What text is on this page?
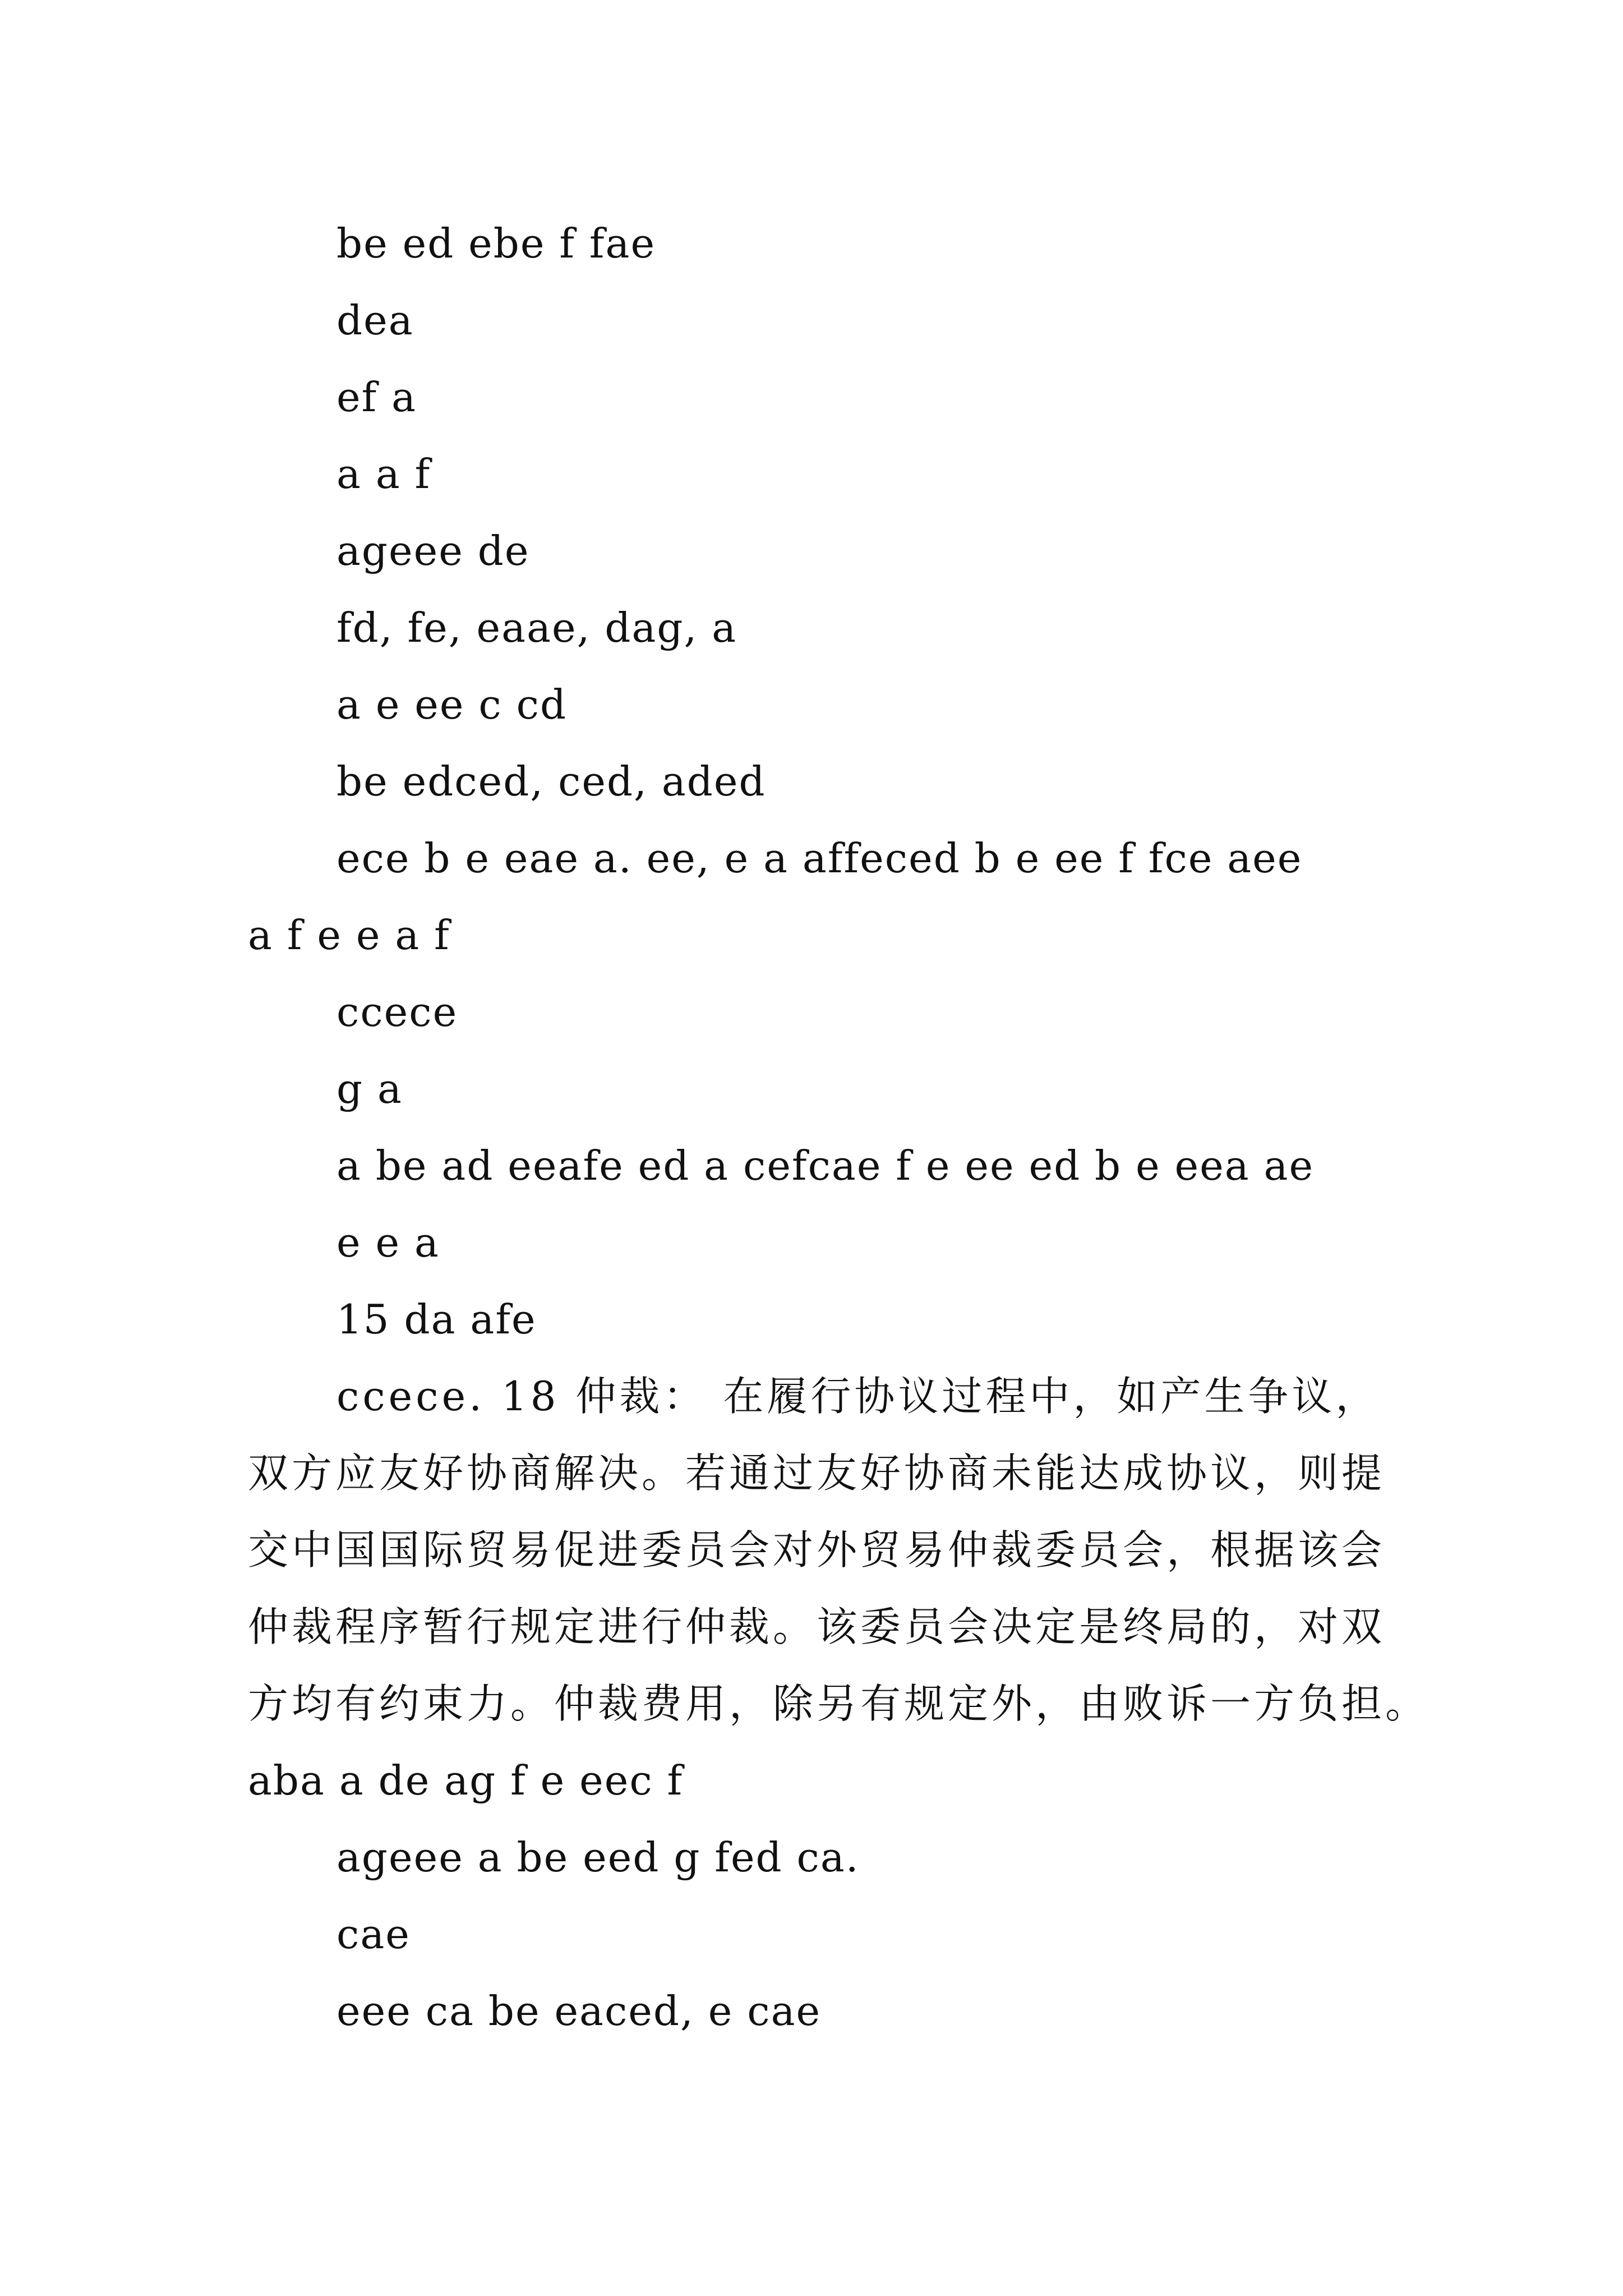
be ed ebe f fae
dea
ef a
a a f
ageee de
fd, fe, eaae, dag, a
a e ee c cd
be edced, ced, aded
ece b e eae a. ee, e a affeced b e ee f fce aee
a f e e a f
ccece
g a
a be ad eeafe ed a cefcae f e ee ed b e eea ae
e e a
15 da afe
ccece. 18 仲裁： 在履行协议过程中，如产生争议，
双方应友好协商解决。若通过友好协商未能达成协议，则提
交中国国际贸易促进委员会对外贸易仲裁委员会，根据该会
仲裁程序暂行规定进行仲裁。该委员会决定是终局的，对双
方均有约束力。仲裁费用，除另有规定外，由败诉一方负担。
aba a de ag f e eec f
ageee a be eed g fed ca.
cae
eee ca be eaced, e cae
